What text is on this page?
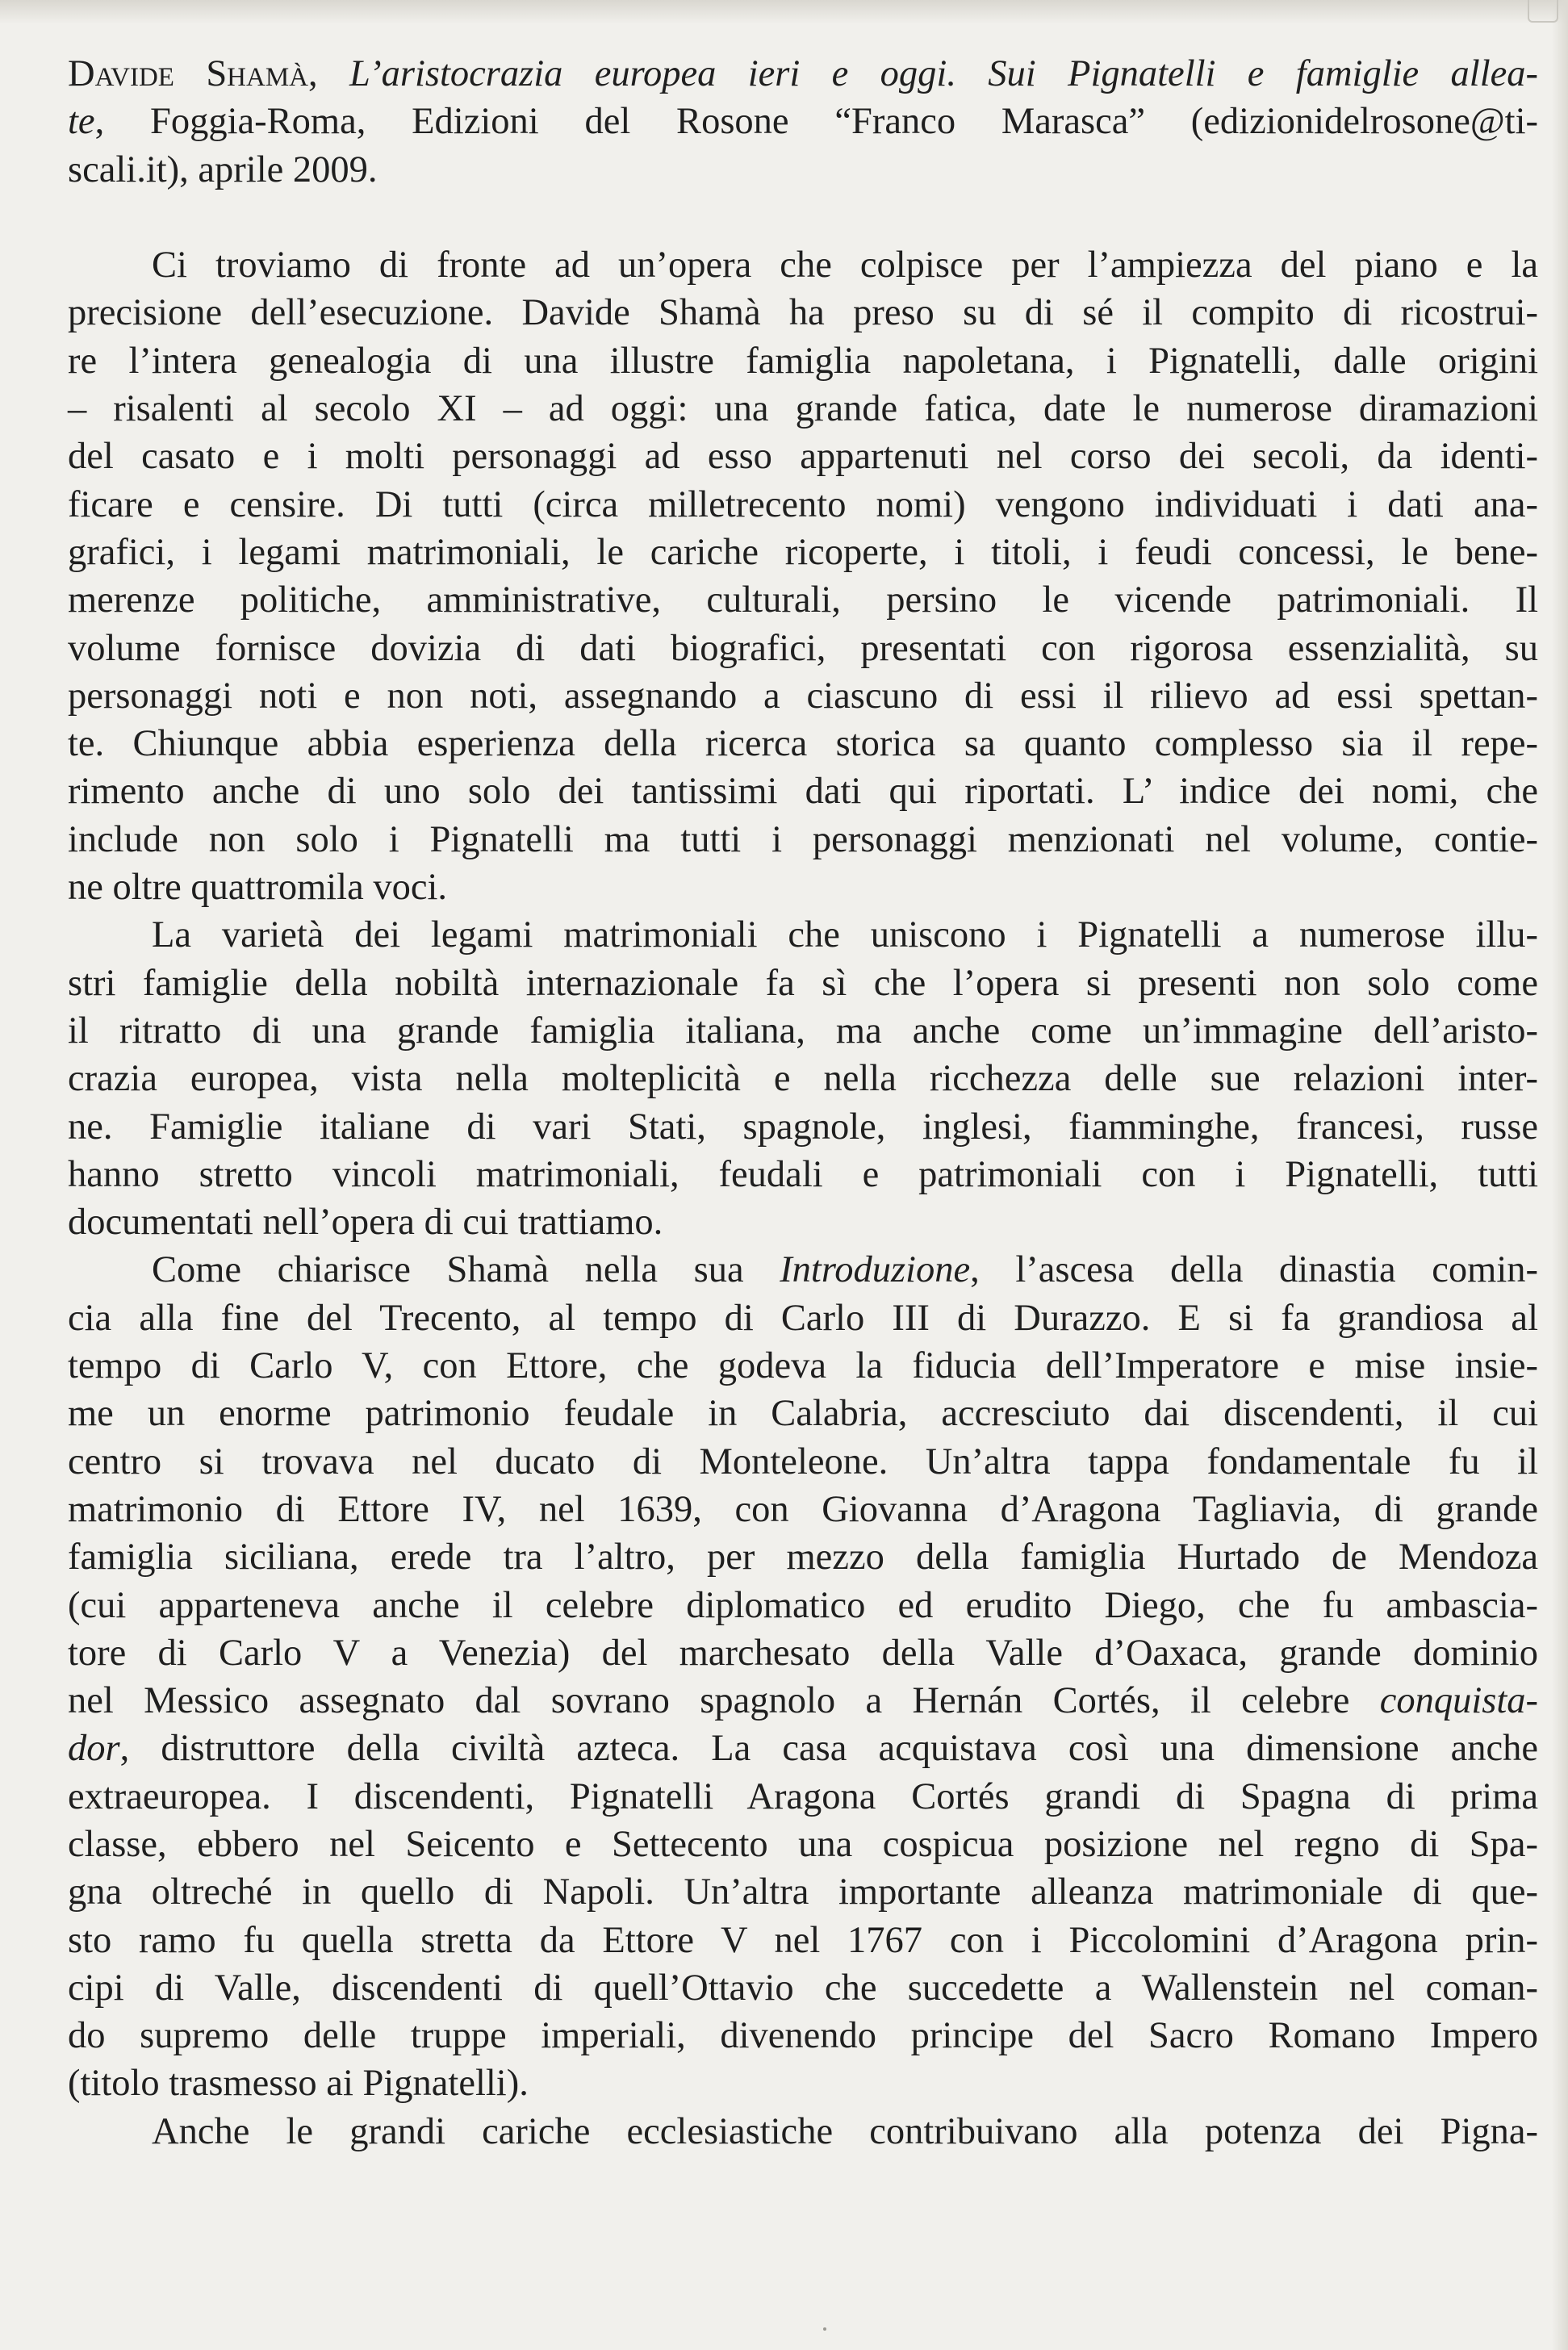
Davide Shamà, L’aristocrazia europea ieri e oggi. Sui Pignatelli e famiglie allea-
te, Foggia-Roma, Edizioni del Rosone “Franco Marasca” (edizionidelrosone@ti-
scali.it), aprile 2009.
Ci troviamo di fronte ad un’opera che colpisce per l’ampiezza del piano e la
precisione dell’esecuzione. Davide Shamà ha preso su di sé il compito di ricostrui-
re l’intera genealogia di una illustre famiglia napoletana, i Pignatelli, dalle origini
– risalenti al secolo XI – ad oggi: una grande fatica, date le numerose diramazioni
del casato e i molti personaggi ad esso appartenuti nel corso dei secoli, da identi-
ficare e censire. Di tutti (circa milletrecento nomi) vengono individuati i dati ana-
grafici, i legami matrimoniali, le cariche ricoperte, i titoli, i feudi concessi, le bene-
merenze politiche, amministrative, culturali, persino le vicende patrimoniali. Il
volume fornisce dovizia di dati biografici, presentati con rigorosa essenzialità, su
personaggi noti e non noti, assegnando a ciascuno di essi il rilievo ad essi spettan-
te. Chiunque abbia esperienza della ricerca storica sa quanto complesso sia il repe-
rimento anche di uno solo dei tantissimi dati qui riportati. L’ indice dei nomi, che
include non solo i Pignatelli ma tutti i personaggi menzionati nel volume, contie-
ne oltre quattromila voci.
La varietà dei legami matrimoniali che uniscono i Pignatelli a numerose illu-
stri famiglie della nobiltà internazionale fa sì che l’opera si presenti non solo come
il ritratto di una grande famiglia italiana, ma anche come un’immagine dell’aristo-
crazia europea, vista nella molteplicità e nella ricchezza delle sue relazioni inter-
ne. Famiglie italiane di vari Stati, spagnole, inglesi, fiamminghe, francesi, russe
hanno stretto vincoli matrimoniali, feudali e patrimoniali con i Pignatelli, tutti
documentati nell’opera di cui trattiamo.
Come chiarisce Shamà nella sua Introduzione, l’ascesa della dinastia comin-
cia alla fine del Trecento, al tempo di Carlo III di Durazzo. E si fa grandiosa al
tempo di Carlo V, con Ettore, che godeva la fiducia dell’Imperatore e mise insie-
me un enorme patrimonio feudale in Calabria, accresciuto dai discendenti, il cui
centro si trovava nel ducato di Monteleone. Un’altra tappa fondamentale fu il
matrimonio di Ettore IV, nel 1639, con Giovanna d’Aragona Tagliavia, di grande
famiglia siciliana, erede tra l’altro, per mezzo della famiglia Hurtado de Mendoza
(cui apparteneva anche il celebre diplomatico ed erudito Diego, che fu ambascia-
tore di Carlo V a Venezia) del marchesato della Valle d’Oaxaca, grande dominio
nel Messico assegnato dal sovrano spagnolo a Hernán Cortés, il celebre conquista-
dor, distruttore della civiltà azteca. La casa acquistava così una dimensione anche
extraeuropea. I discendenti, Pignatelli Aragona Cortés grandi di Spagna di prima
classe, ebbero nel Seicento e Settecento una cospicua posizione nel regno di Spa-
gna oltreché in quello di Napoli. Un’altra importante alleanza matrimoniale di que-
sto ramo fu quella stretta da Ettore V nel 1767 con i Piccolomini d’Aragona prin-
cipi di Valle, discendenti di quell’Ottavio che succedette a Wallenstein nel coman-
do supremo delle truppe imperiali, divenendo principe del Sacro Romano Impero
(titolo trasmesso ai Pignatelli).
Anche le grandi cariche ecclesiastiche contribuivano alla potenza dei Pigna-
